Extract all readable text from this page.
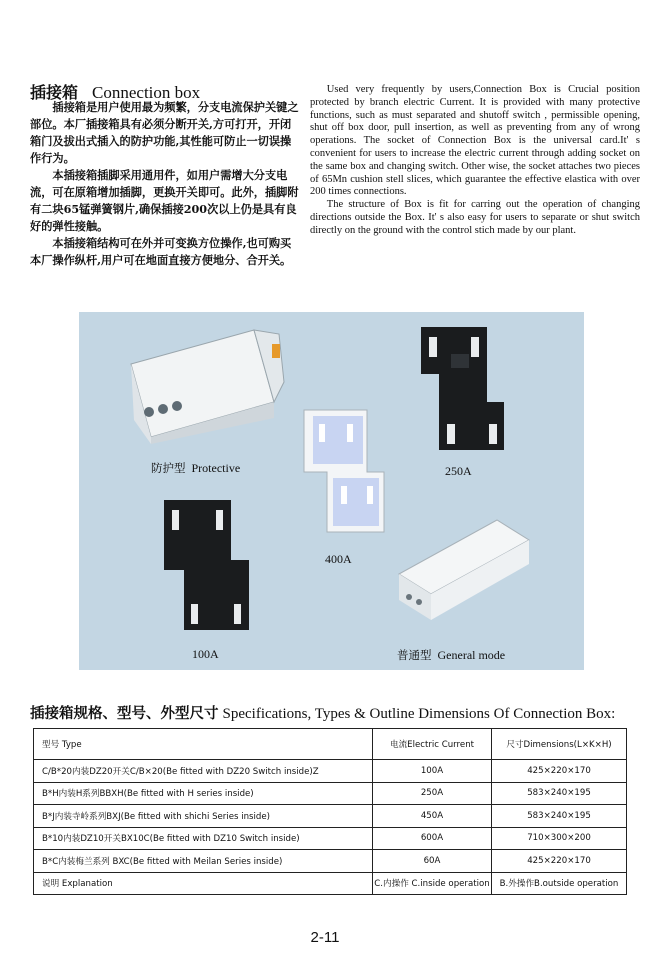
插接箱 Connection box

插接箱是用户使用最为频繁，分支电流保护关键之部位。本厂插接箱具有必须分断开关,方可打开，开闭箱门及拔出式插入的防护功能,其性能可防止一切误操作行为。

本插接箱插脚采用通用件，如用户需增大分支电流，可在原箱增加插脚，更换开关即可。此外，插脚附有二块65锰弹簧钢片,确保插接200次以上仍是具有良好的弹性接触。

本插接箱结构可在外并可变换方位操作,也可购买本厂操作纵杆,用户可在地面直接方便地分、合开关。

Used very frequently by users,Connection Box is Crucial position protected by branch electric Current. It is provided with many protective functions, such as must separated and shutoff switch , permissible opening, shut off box door, pull insertion, as well as preventing from any of wrong operations. The socket of Connection Box is the universal card.It' s convenient for users to increase the electric current through adding socket on the same box and changing switch. Other wise, the socket attaches two pieces of 65Mn cushion stell slices, which guarantee the effective elastica with over 200 times connections.

The structure of Box is fit for carring out the operation of changing directions outside the Box. It' s also easy for users to separate or shut switch directly on the ground with the control stich made by our plant.

防护型 Protective	250A
400A
100A	普通型 General mode
插接箱规格、型号、外型尺寸 Specifications, Types & Outline Dimensions Of Connection Box:
型号 Type	电流Electric Current	尺寸Dimensions(L×K×H)
C/B*20内装DZ20开关C/B×20(Be fitted with DZ20 Switch inside)Z	100A	425×220×170
B*H内装H系列BBXH(Be fitted with H series inside)	250A	583×240×195
B*J内装寺岭系列BXJ(Be fitted with shichi Series inside)	450A	583×240×195
B*10内装DZ10开关BX10C(Be fitted with DZ10 Switch inside)	600A	710×300×200
B*C内装梅兰系列 BXC(Be fitted with Meilan Series inside)	60A	425×220×170
说明 Explanation	C.内操作 C.inside operation	B.外操作B.outside operation
2-11
